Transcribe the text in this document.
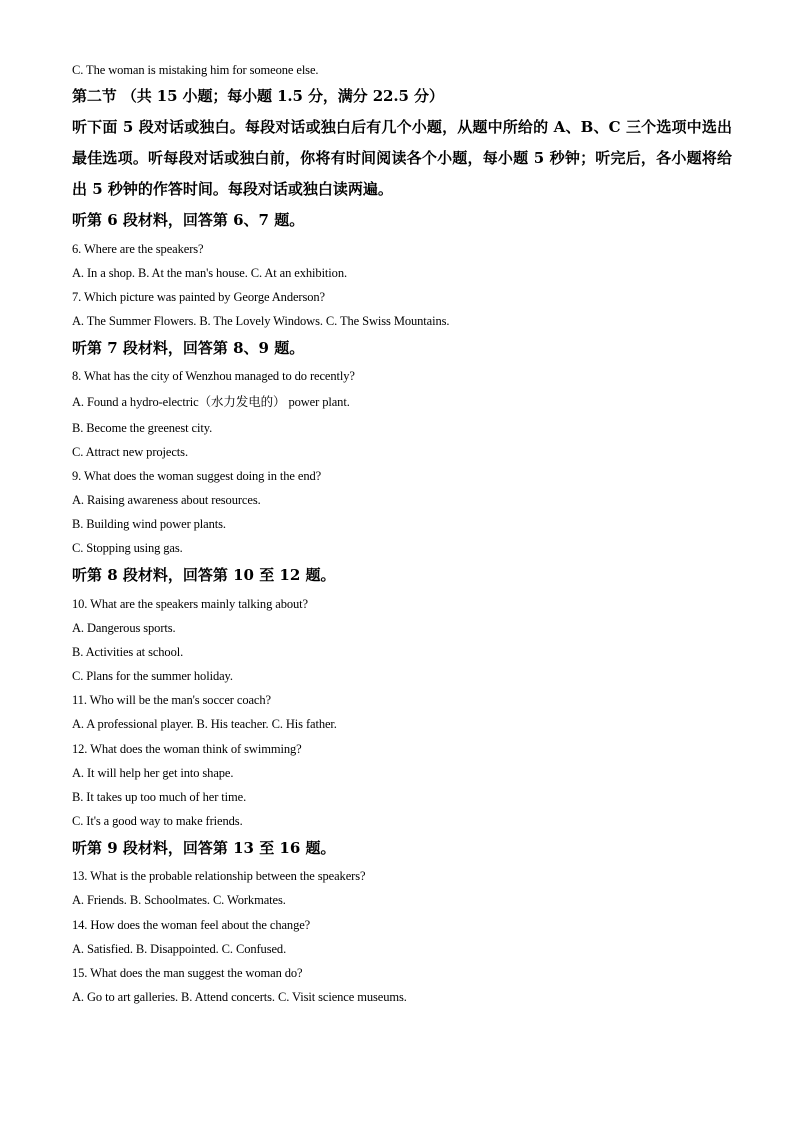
C. The woman is mistaking him for someone else.
第二节 （共 15 小题；每小题 1.5 分，满分 22.5 分）
听下面 5 段对话或独白。每段对话或独白后有几个小题，从题中所给的 A、B、C 三个选项中选出最佳选项。听每段对话或独白前，你将有时间阅读各个小题，每小题 5 秒钟；听完后，各小题将给出 5 秒钟的作答时间。每段对话或独白读两遍。
听第 6 段材料，回答第 6、7 题。
6. Where are the speakers?
A. In a shop. B. At the man's house. C. At an exhibition.
7. Which picture was painted by George Anderson?
A. The Summer Flowers. B. The Lovely Windows. C. The Swiss Mountains.
听第 7 段材料，回答第 8、9 题。
8. What has the city of Wenzhou managed to do recently?
A. Found a hydro-electric（水力发电的） power plant.
B. Become the greenest city.
C. Attract new projects.
9. What does the woman suggest doing in the end?
A. Raising awareness about resources.
B. Building wind power plants.
C. Stopping using gas.
听第 8 段材料，回答第 10 至 12 题。
10. What are the speakers mainly talking about?
A. Dangerous sports.
B. Activities at school.
C. Plans for the summer holiday.
11. Who will be the man's soccer coach?
A. A professional player. B. His teacher. C. His father.
12. What does the woman think of swimming?
A. It will help her get into shape.
B. It takes up too much of her time.
C. It's a good way to make friends.
听第 9 段材料，回答第 13 至 16 题。
13. What is the probable relationship between the speakers?
A. Friends. B. Schoolmates. C. Workmates.
14. How does the woman feel about the change?
A. Satisfied. B. Disappointed. C. Confused.
15. What does the man suggest the woman do?
A. Go to art galleries. B. Attend concerts. C. Visit science museums.
